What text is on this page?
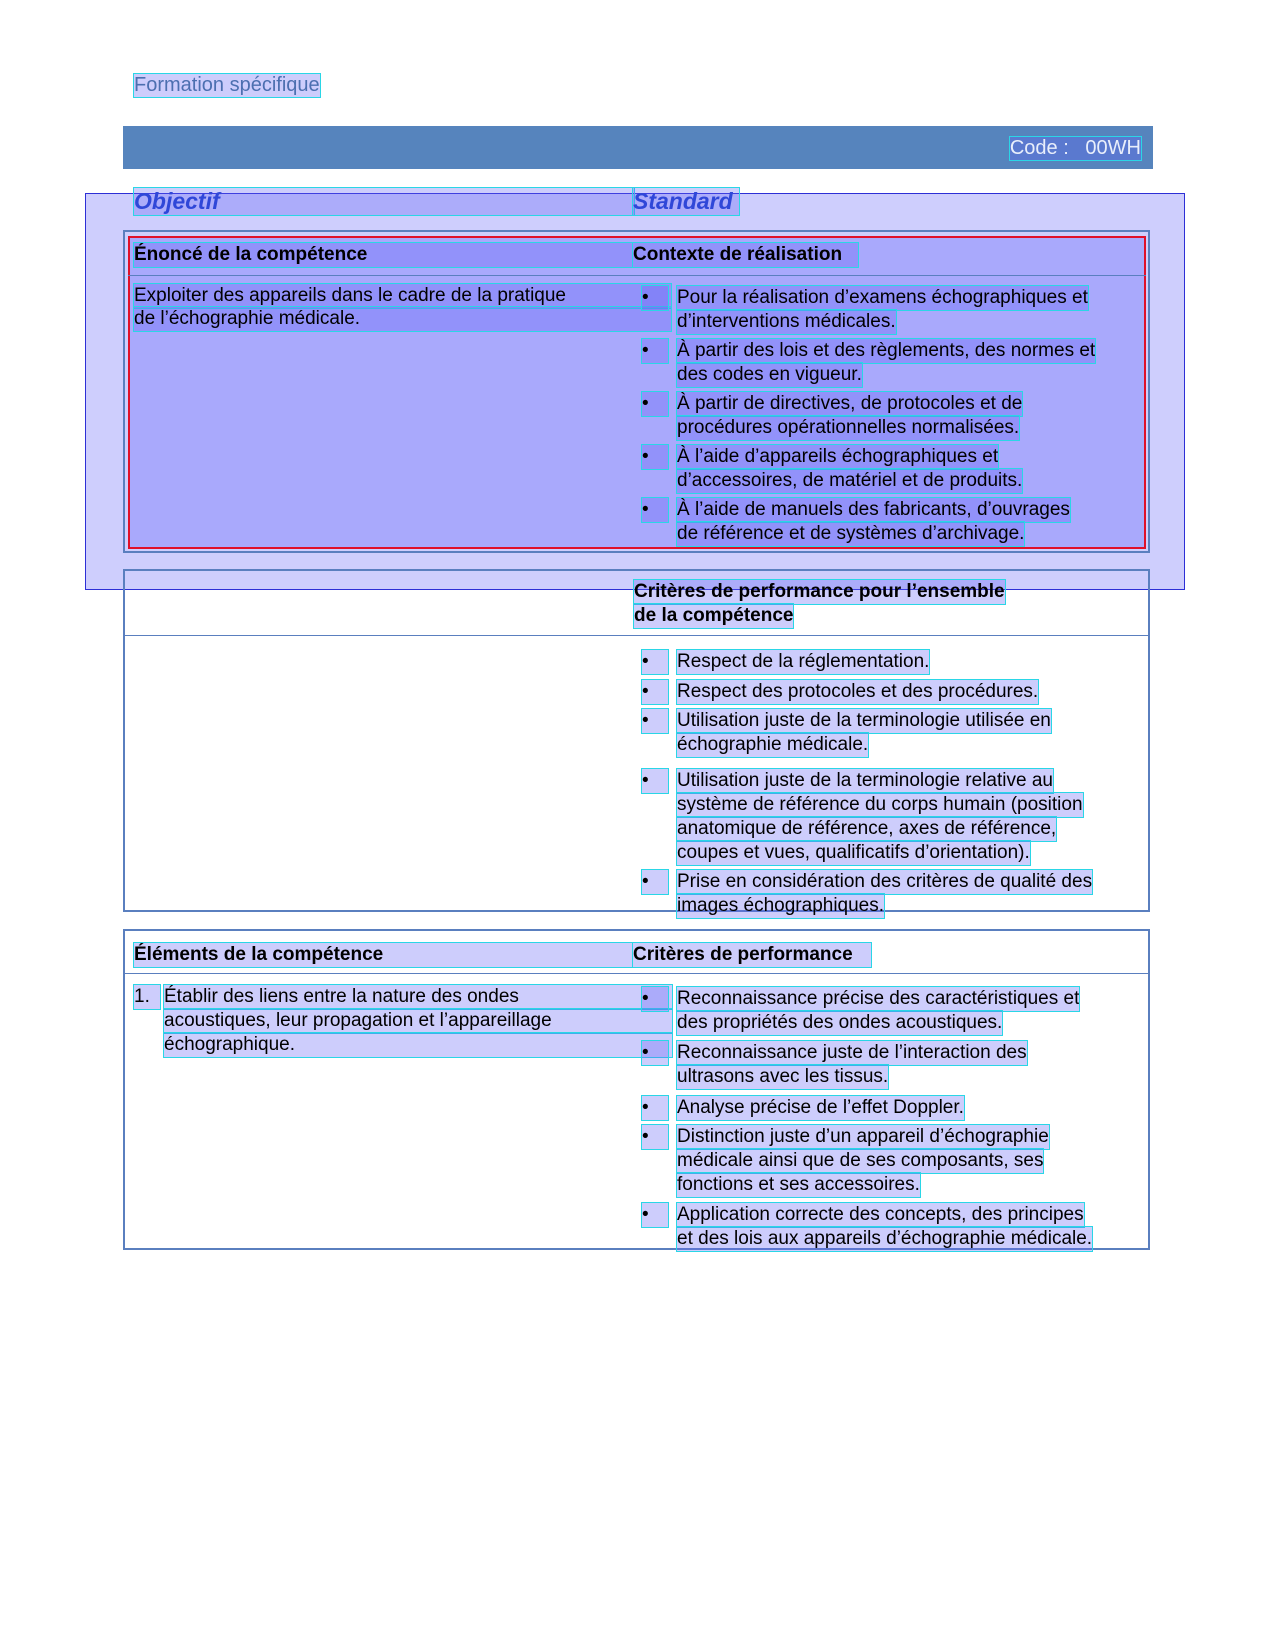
Formation spécifique
Code :   00WH
Objectif	Standard
Énoncé de la compétence	Contexte de réalisation
Exploiter des appareils dans le cadre de la pratique
de l’échographie médicale.
•	Pour la réalisation d’examens échographiques et
d’interventions médicales.
•	À partir des lois et des règlements, des normes et
des codes en vigueur.
•	À partir de directives, de protocoles et de
procédures opérationnelles normalisées.
•	À l’aide d’appareils échographiques et
d’accessoires, de matériel et de produits.
•	À l’aide de manuels des fabricants, d’ouvrages
de référence et de systèmes d’archivage.
Critères de performance pour l’ensemble
de la compétence
•	Respect de la réglementation.
•	Respect des protocoles et des procédures.
•	Utilisation juste de la terminologie utilisée en
échographie médicale.
•	Utilisation juste de la terminologie relative au
système de référence du corps humain (position
anatomique de référence, axes de référence,
coupes et vues, qualificatifs d’orientation).
•	Prise en considération des critères de qualité des
images échographiques.
Éléments de la compétence	Critères de performance
1. Établir des liens entre la nature des ondes
acoustiques, leur propagation et l’appareillage
échographique.
•	Reconnaissance précise des caractéristiques et
des propriétés des ondes acoustiques.
•	Reconnaissance juste de l’interaction des
ultrasons avec les tissus.
•	Analyse précise de l’effet Doppler.
•	Distinction juste d’un appareil d’échographie
médicale ainsi que de ses composants, ses
fonctions et ses accessoires.
•	Application correcte des concepts, des principes
et des lois aux appareils d’échographie médicale.
